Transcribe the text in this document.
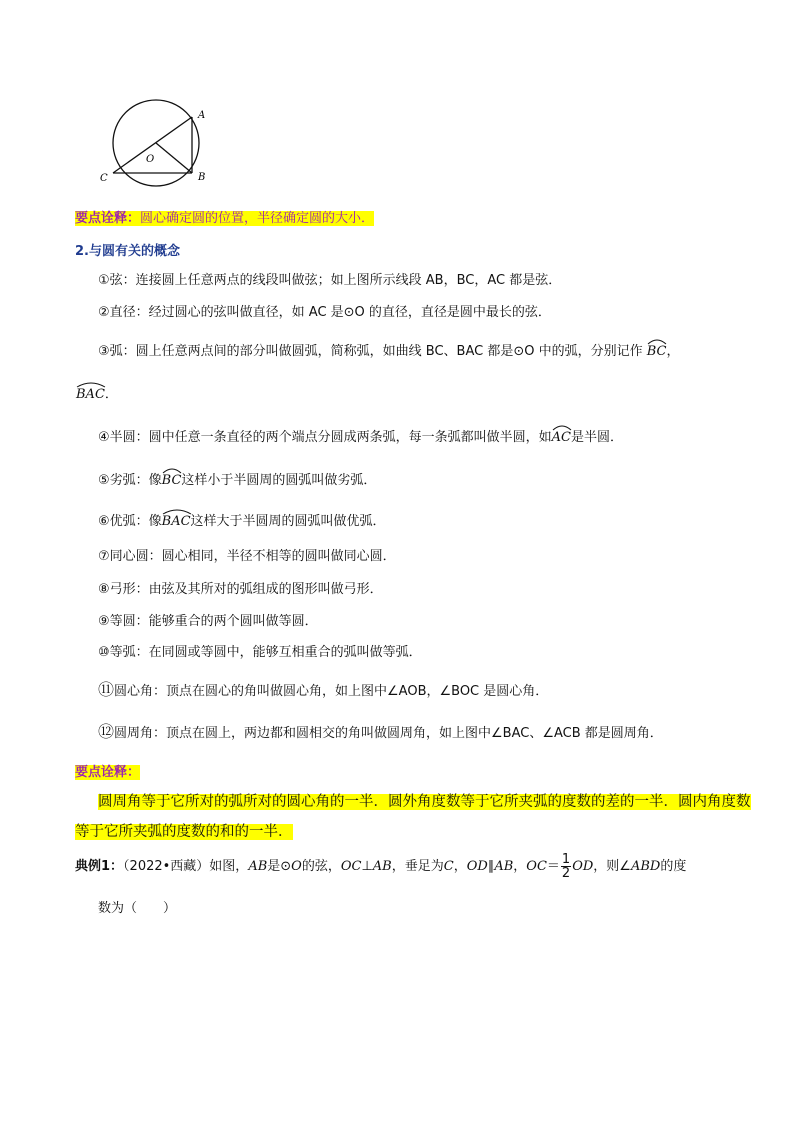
A
B
C
O
要点诠释：圆心确定圆的位置，半径确定圆的大小．
2.与圆有关的概念
①弦：连接圆上任意两点的线段叫做弦；如上图所示线段 AB，BC，AC 都是弦．
②直径：经过圆心的弦叫做直径，如 AC 是⊙O 的直径，直径是圆中最长的弦．
③弧：圆上任意两点间的部分叫做圆弧，简称弧，如曲线 BC、BAC 都是⊙O 中的弧，分别记作 BC，
BAC．
④半圆：圆中任意一条直径的两个端点分圆成两条弧，每一条弧都叫做半圆，如
AC是半圆．
⑤劣弧：像
BC这样小于半圆周的圆弧叫做劣弧．
⑥优弧：像
BAC这样大于半圆周的圆弧叫做优弧．
⑦同心圆：圆心相同，半径不相等的圆叫做同心圆．
⑧弓形：由弦及其所对的弧组成的图形叫做弓形．
⑨等圆：能够重合的两个圆叫做等圆．
⑩等弧：在同圆或等圆中，能够互相重合的弧叫做等弧．
⑪圆心角：顶点在圆心的角叫做圆心角，如上图中∠AOB，∠BOC 是圆心角．
⑫圆周角：顶点在圆上，两边都和圆相交的角叫做圆周角，如上图中∠BAC、∠ACB 都是圆周角．
要点诠释：
圆周角等于它所对的弧所对的圆心角的一半．圆外角度数等于它所夹弧的度数的差的一半．圆内角度数
等于它所夹弧的度数的和的一半．
典例1：（2022•西藏）如图，AB是⊙O的弦，OC⊥AB，垂足为C，OD∥AB，$OC= \frac{1}{2}$ OD，则∠ABD的度
数为（　　）
